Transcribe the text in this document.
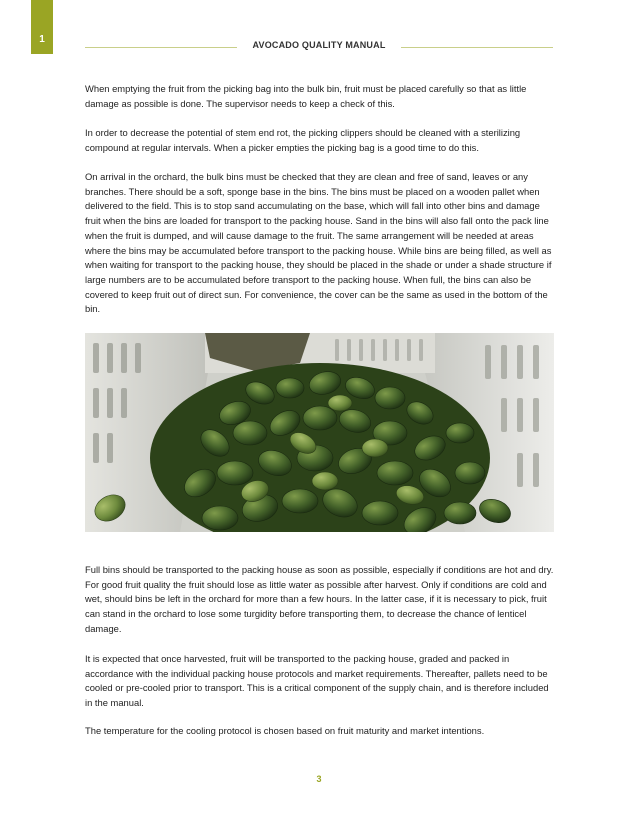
1	AVOCADO QUALITY MANUAL

When emptying the fruit from the picking bag into the bulk bin, fruit must be placed carefully so that as little damage as possible is done. The supervisor needs to keep a check of this.

In order to decrease the potential of stem end rot, the picking clippers should be cleaned with a sterilizing compound at regular intervals. When a picker empties the picking bag is a good time to do this.

On arrival in the orchard, the bulk bins must be checked that they are clean and free of sand, leaves or any branches. There should be a soft, sponge base in the bins. The bins must be placed on a wooden pallet when delivered to the field. This is to stop sand accumulating on the base, which will fall into other bins and damage fruit when the bins are loaded for transport to the packing house. Sand in the bins will also fall onto the pack line when the fruit is dumped, and will cause damage to the fruit. The same arrangement will be needed at areas where the bins may be accumulated before transport to the packing house. While bins are being filled, as well as when waiting for transport to the packing house, they should be placed in the shade or under a shade structure if large numbers are to be accumulated before transport to the packing house. When full, the bins can also be covered to keep fruit out of direct sun. For convenience, the cover can be the same as used in the bottom of the bin.

Full bins should be transported to the packing house as soon as possible, especially if conditions are hot and dry. For good fruit quality the fruit should lose as little water as possible after harvest. Only if conditions are cold and wet, should bins be left in the orchard for more than a few hours. In the latter case, if it is necessary to pick, fruit can stand in the orchard to lose some turgidity before transporting them, to decrease the chance of lenticel damage.

It is expected that once harvested, fruit will be transported to the packing house, graded and packed in accordance with the individual packing house protocols and market requirements. Thereafter, pallets need to be cooled or pre-cooled prior to transport. This is a critical component of the supply chain, and is therefore included in the manual.

The temperature for the cooling protocol is chosen based on fruit maturity and market intentions.

3
